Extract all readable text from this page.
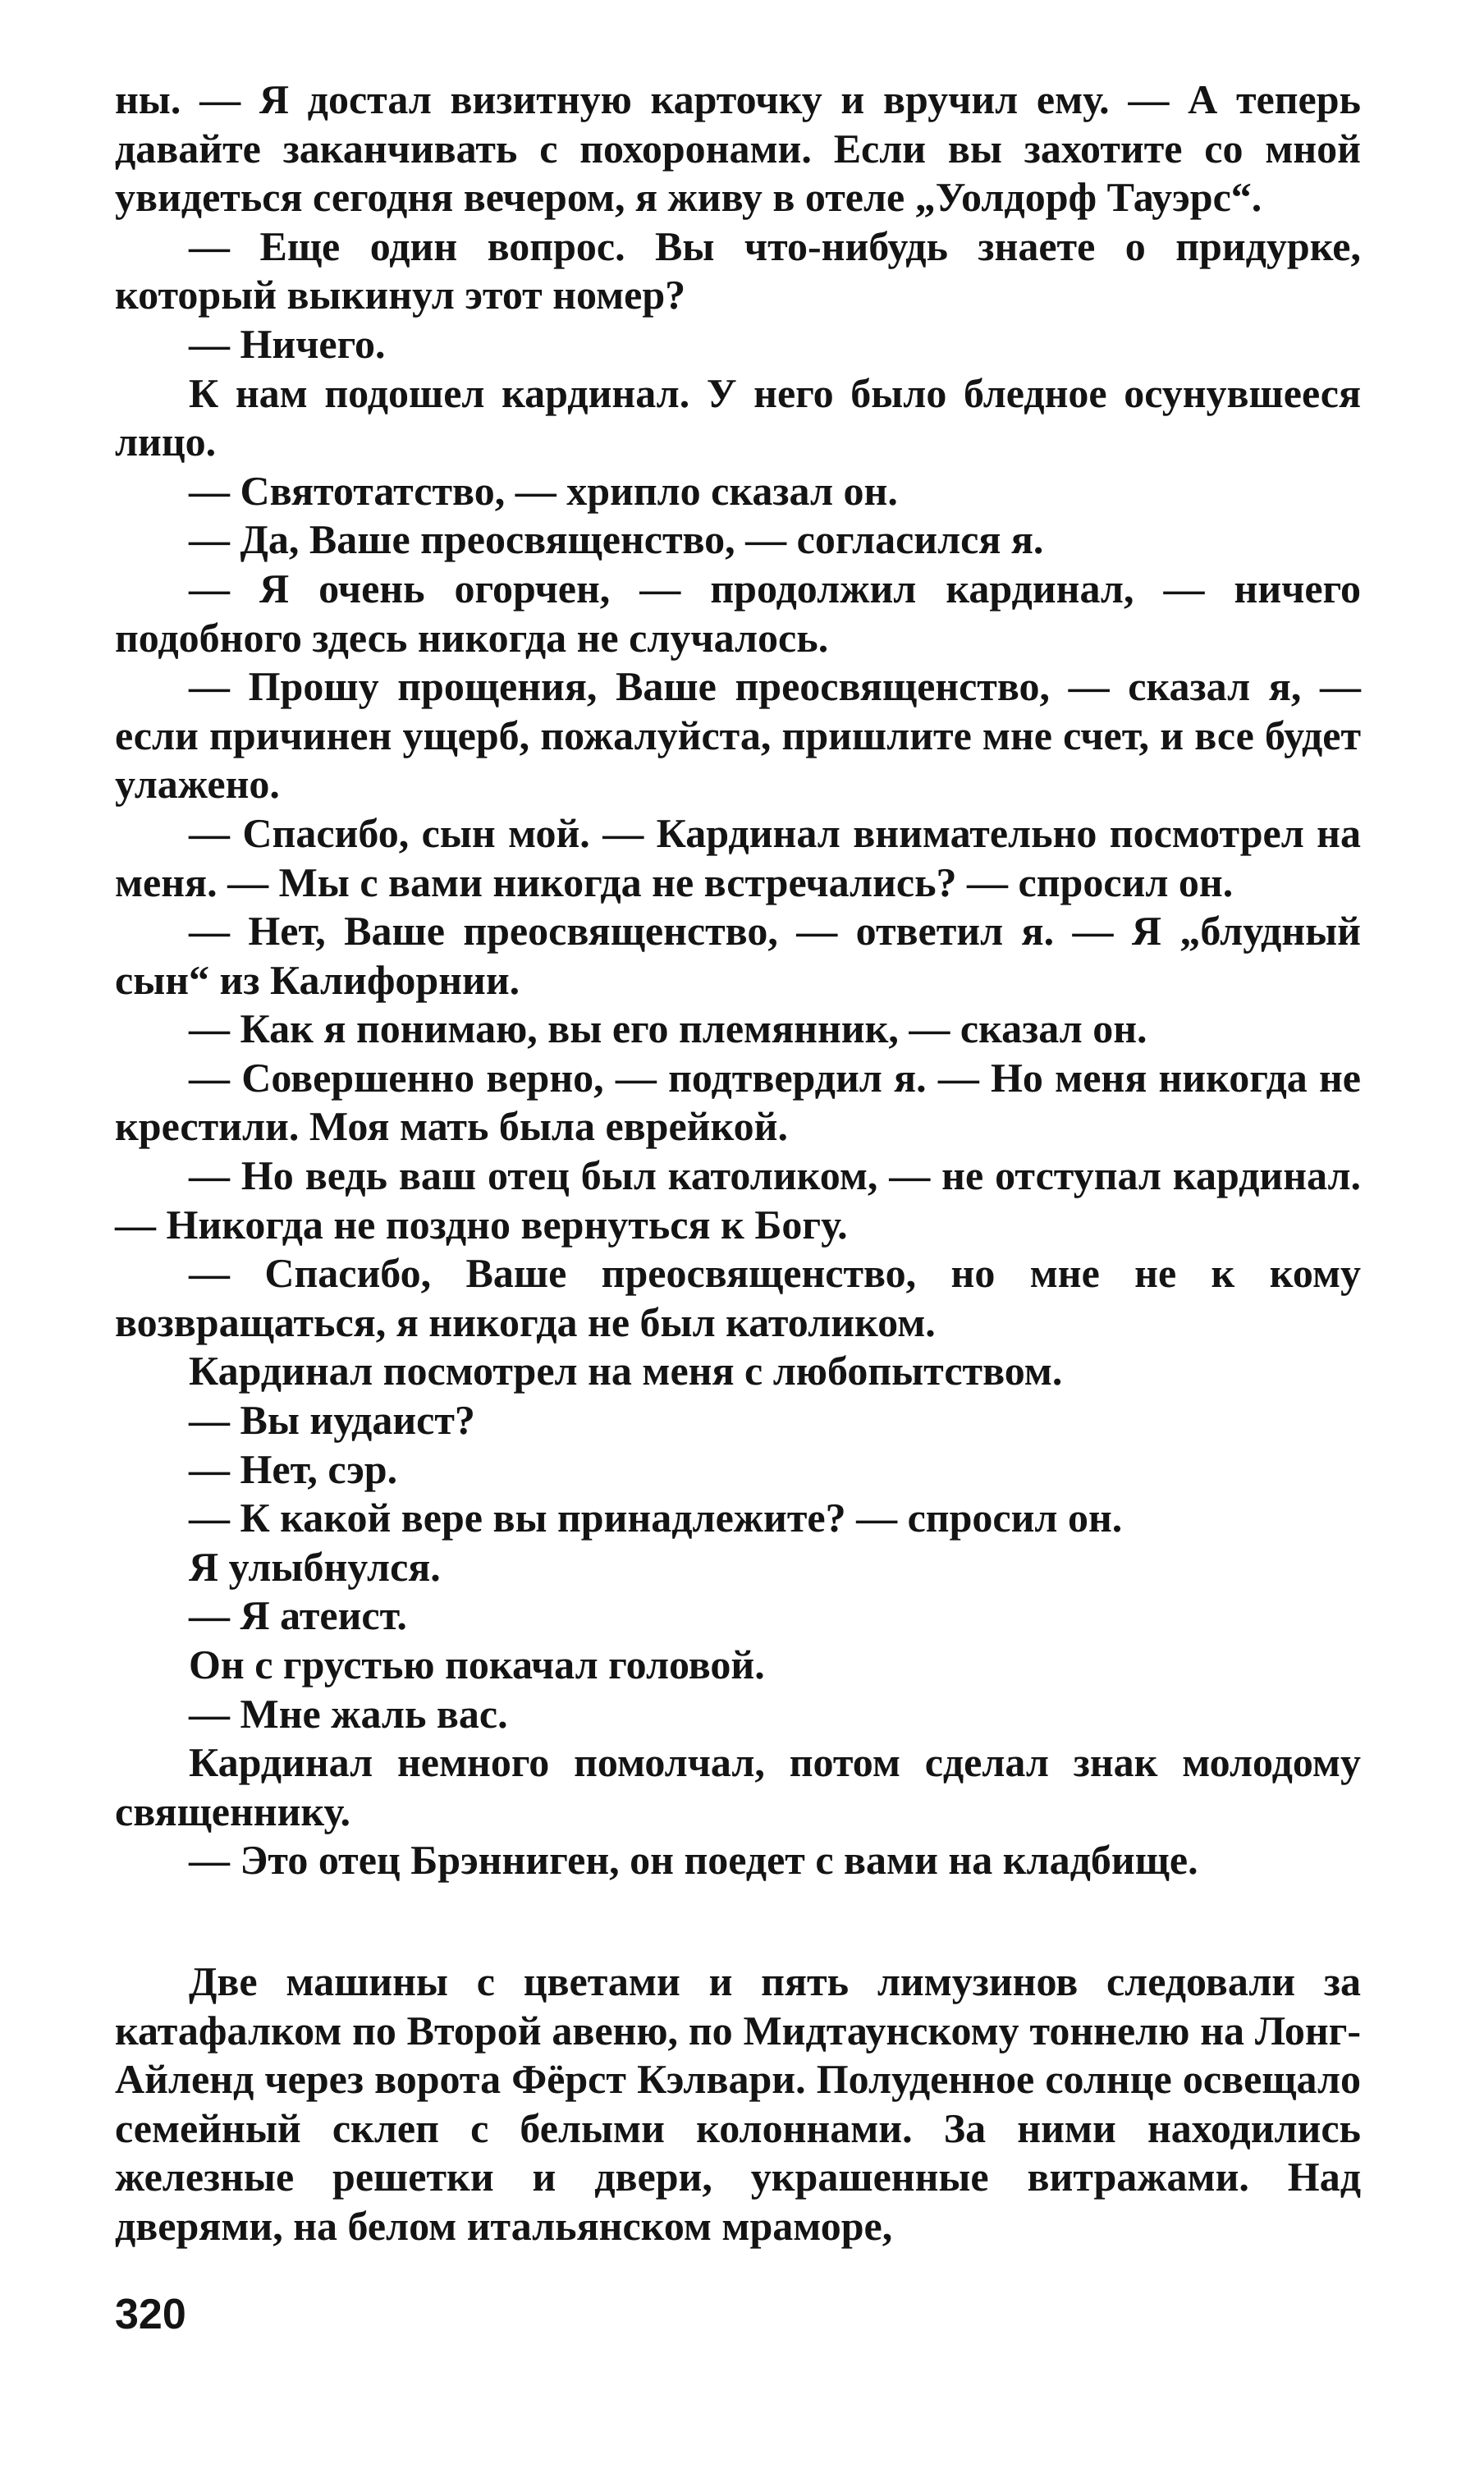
ны. — Я достал визитную карточку и вручил ему. — А теперь давайте заканчивать с похоронами. Если вы захотите со мной увидеться сегодня вечером, я живу в отеле „Уолдорф Тауэрс“.

— Еще один вопрос. Вы что-нибудь знаете о придурке, который выкинул этот номер?

— Ничего.

К нам подошел кардинал. У него было бледное осунувшееся лицо.

— Святотатство, — хрипло сказал он.

— Да, Ваше преосвященство, — согласился я.

— Я очень огорчен, — продолжил кардинал, — ничего подобного здесь никогда не случалось.

— Прошу прощения, Ваше преосвященство, — сказал я, — если причинен ущерб, пожалуйста, пришлите мне счет, и все будет улажено.

— Спасибо, сын мой. — Кардинал внимательно посмотрел на меня. — Мы с вами никогда не встречались? — спросил он.

— Нет, Ваше преосвященство, — ответил я. — Я „блудный сын“ из Калифорнии.

— Как я понимаю, вы его племянник, — сказал он.

— Совершенно верно, — подтвердил я. — Но меня никогда не крестили. Моя мать была еврейкой.

— Но ведь ваш отец был католиком, — не отступал кардинал. — Никогда не поздно вернуться к Богу.

— Спасибо, Ваше преосвященство, но мне не к кому возвращаться, я никогда не был католиком.

Кардинал посмотрел на меня с любопытством.

— Вы иудаист?

— Нет, сэр.

— К какой вере вы принадлежите? — спросил он.

Я улыбнулся.

— Я атеист.

Он с грустью покачал головой.

— Мне жаль вас.

Кардинал немного помолчал, потом сделал знак молодому священнику.

— Это отец Брэнниген, он поедет с вами на кладбище.

Две машины с цветами и пять лимузинов следовали за катафалком по Второй авеню, по Мидтаунскому тоннелю на Лонг-Айленд через ворота Фёрст Кэлвари. Полуденное солнце освещало семейный склеп с белыми колоннами. За ними находились железные решетки и двери, украшенные витражами. Над дверями, на белом итальянском мраморе,

320
